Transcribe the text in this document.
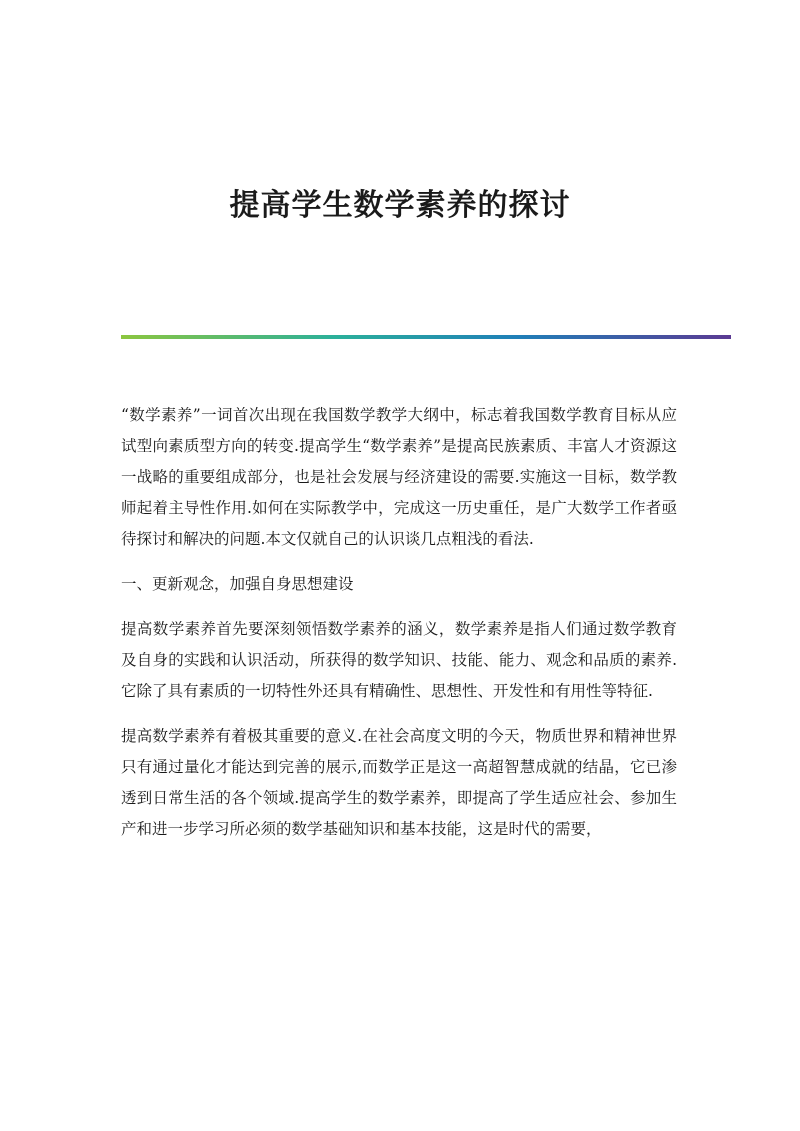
提高学生数学素养的探讨

“数学素养”一词首次出现在我国数学教学大纲中，标志着我国数学教育目标从应试型向素质型方向的转变.提高学生“数学素养”是提高民族素质、丰富人才资源这一战略的重要组成部分，也是社会发展与经济建设的需要.实施这一目标，数学教师起着主导性作用.如何在实际教学中，完成这一历史重任，是广大数学工作者亟待探讨和解决的问题.本文仅就自己的认识谈几点粗浅的看法.

一、更新观念，加强自身思想建设

提高数学素养首先要深刻领悟数学素养的涵义，数学素养是指人们通过数学教育及自身的实践和认识活动，所获得的数学知识、技能、能力、观念和品质的素养.它除了具有素质的一切特性外还具有精确性、思想性、开发性和有用性等特征.

提高数学素养有着极其重要的意义.在社会高度文明的今天，物质世界和精神世界只有通过量化才能达到完善的展示,而数学正是这一高超智慧成就的结晶，它已渗透到日常生活的各个领域.提高学生的数学素养，即提高了学生适应社会、参加生产和进一步学习所必须的数学基础知识和基本技能，这是时代的需要，
